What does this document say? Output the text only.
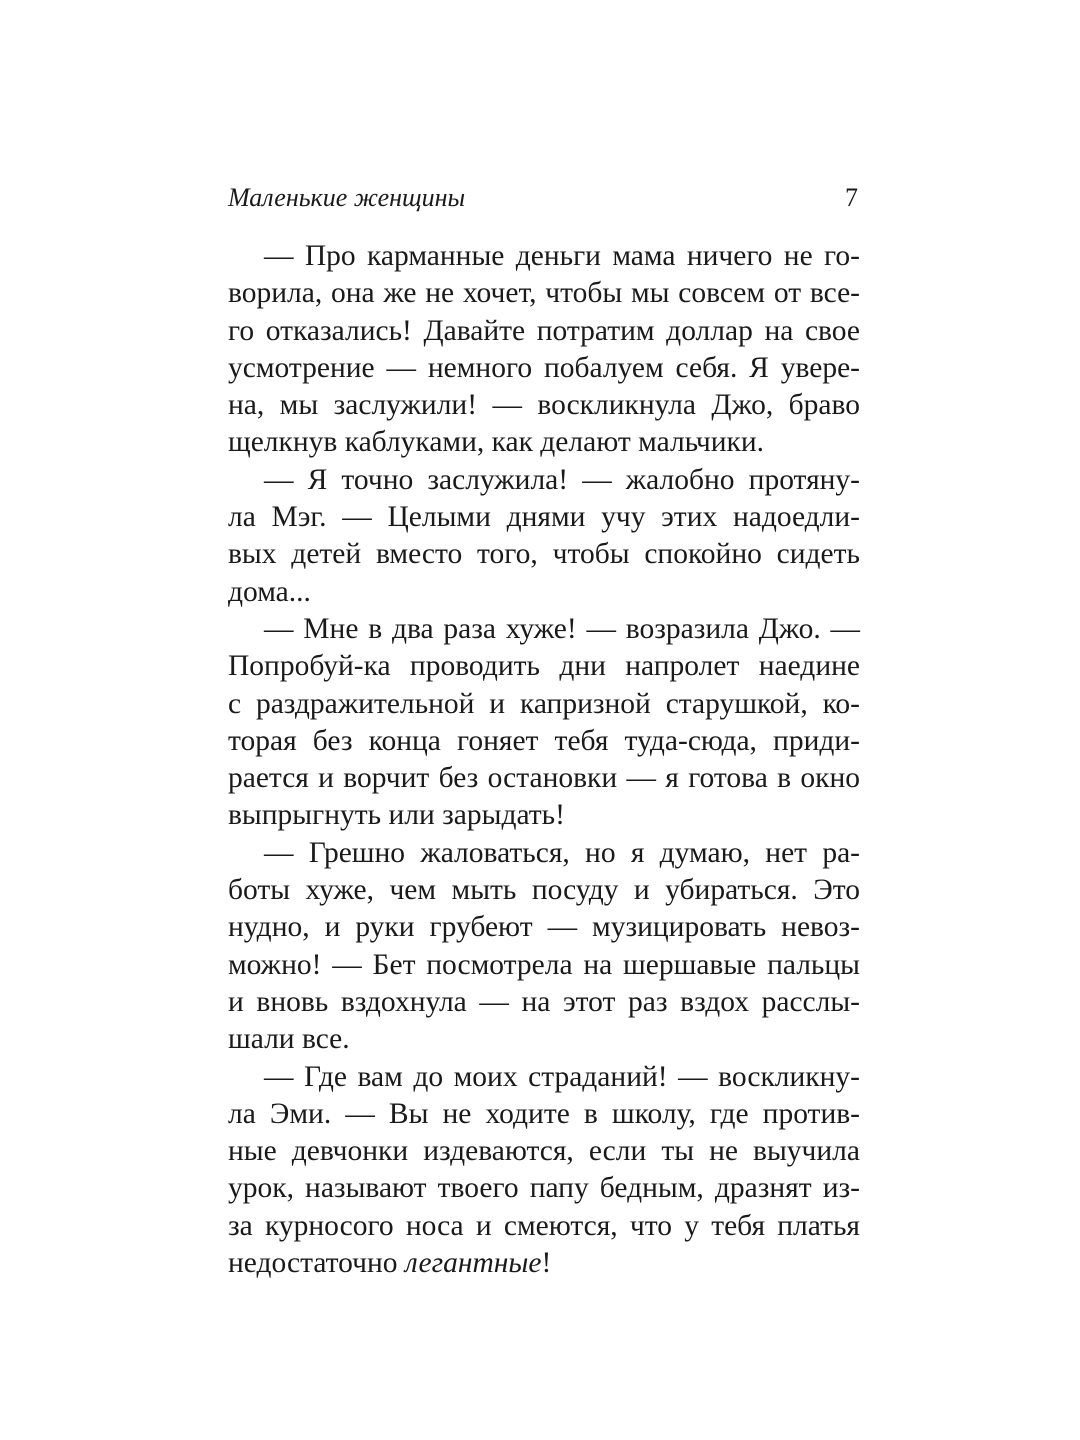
Маленькие женщины	7
— Про карманные деньги мама ничего не го-
ворила, она же не хочет, чтобы мы совсем от все-
го отказались! Давайте потратим доллар на свое
усмотрение — немного побалуем себя. Я увере-
на, мы заслужили! — воскликнула Джо, браво
щелкнув каблуками, как делают мальчики.
— Я точно заслужила! — жалобно протяну-
ла Мэг. — Целыми днями учу этих надоедли-
вых детей вместо того, чтобы спокойно сидеть
дома...
— Мне в два раза хуже! — возразила Джо. —
Попробуй-ка проводить дни напролет наедине
с раздражительной и капризной старушкой, ко-
торая без конца гоняет тебя туда-сюда, приди-
рается и ворчит без остановки — я готова в окно
выпрыгнуть или зарыдать!
— Грешно жаловаться, но я думаю, нет ра-
боты хуже, чем мыть посуду и убираться. Это
нудно, и руки грубеют — музицировать невоз-
можно! — Бет посмотрела на шершавые пальцы
и вновь вздохнула — на этот раз вздох расслы-
шали все.
— Где вам до моих страданий! — воскликну-
ла Эми. — Вы не ходите в школу, где против-
ные девчонки издеваются, если ты не выучила
урок, называют твоего папу бедным, дразнят из-
за курносого носа и смеются, что у тебя платья
недостаточно легантные!
